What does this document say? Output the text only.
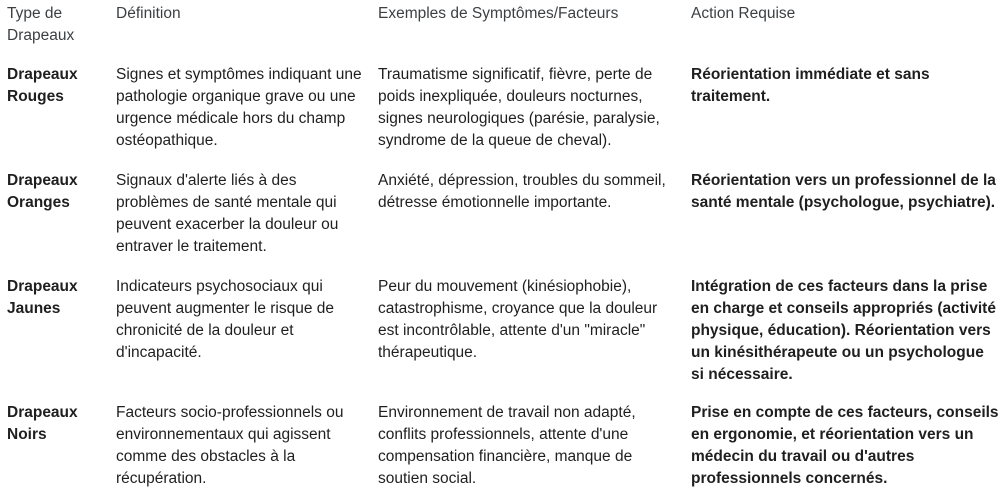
Type de Drapeaux
Définition	Exemples de Symptômes/Facteurs	Action Requise
Drapeaux Rouges
Signes et symptômes indiquant une pathologie organique grave ou une urgence médicale hors du champ ostéopathique.
Traumatisme significatif, fièvre, perte de poids inexpliquée, douleurs nocturnes, signes neurologiques (parésie, paralysie, syndrome de la queue de cheval).
Réorientation immédiate et sans traitement.
Drapeaux Oranges
Signaux d'alerte liés à des problèmes de santé mentale qui peuvent exacerber la douleur ou entraver le traitement.
Anxiété, dépression, troubles du sommeil, détresse émotionnelle importante.
Réorientation vers un professionnel de la santé mentale (psychologue, psychiatre).
Drapeaux Jaunes
Indicateurs psychosociaux qui peuvent augmenter le risque de chronicité de la douleur et d'incapacité.
Peur du mouvement (kinésiophobie), catastrophisme, croyance que la douleur est incontrôlable, attente d'un "miracle" thérapeutique.
Intégration de ces facteurs dans la prise en charge et conseils appropriés (activité physique, éducation). Réorientation vers un kinésithérapeute ou un psychologue si nécessaire.
Drapeaux Noirs
Facteurs socio-professionnels ou environnementaux qui agissent comme des obstacles à la récupération.
Environnement de travail non adapté, conflits professionnels, attente d'une compensation financière, manque de soutien social.
Prise en compte de ces facteurs, conseils en ergonomie, et réorientation vers un médecin du travail ou d'autres professionnels concernés.
